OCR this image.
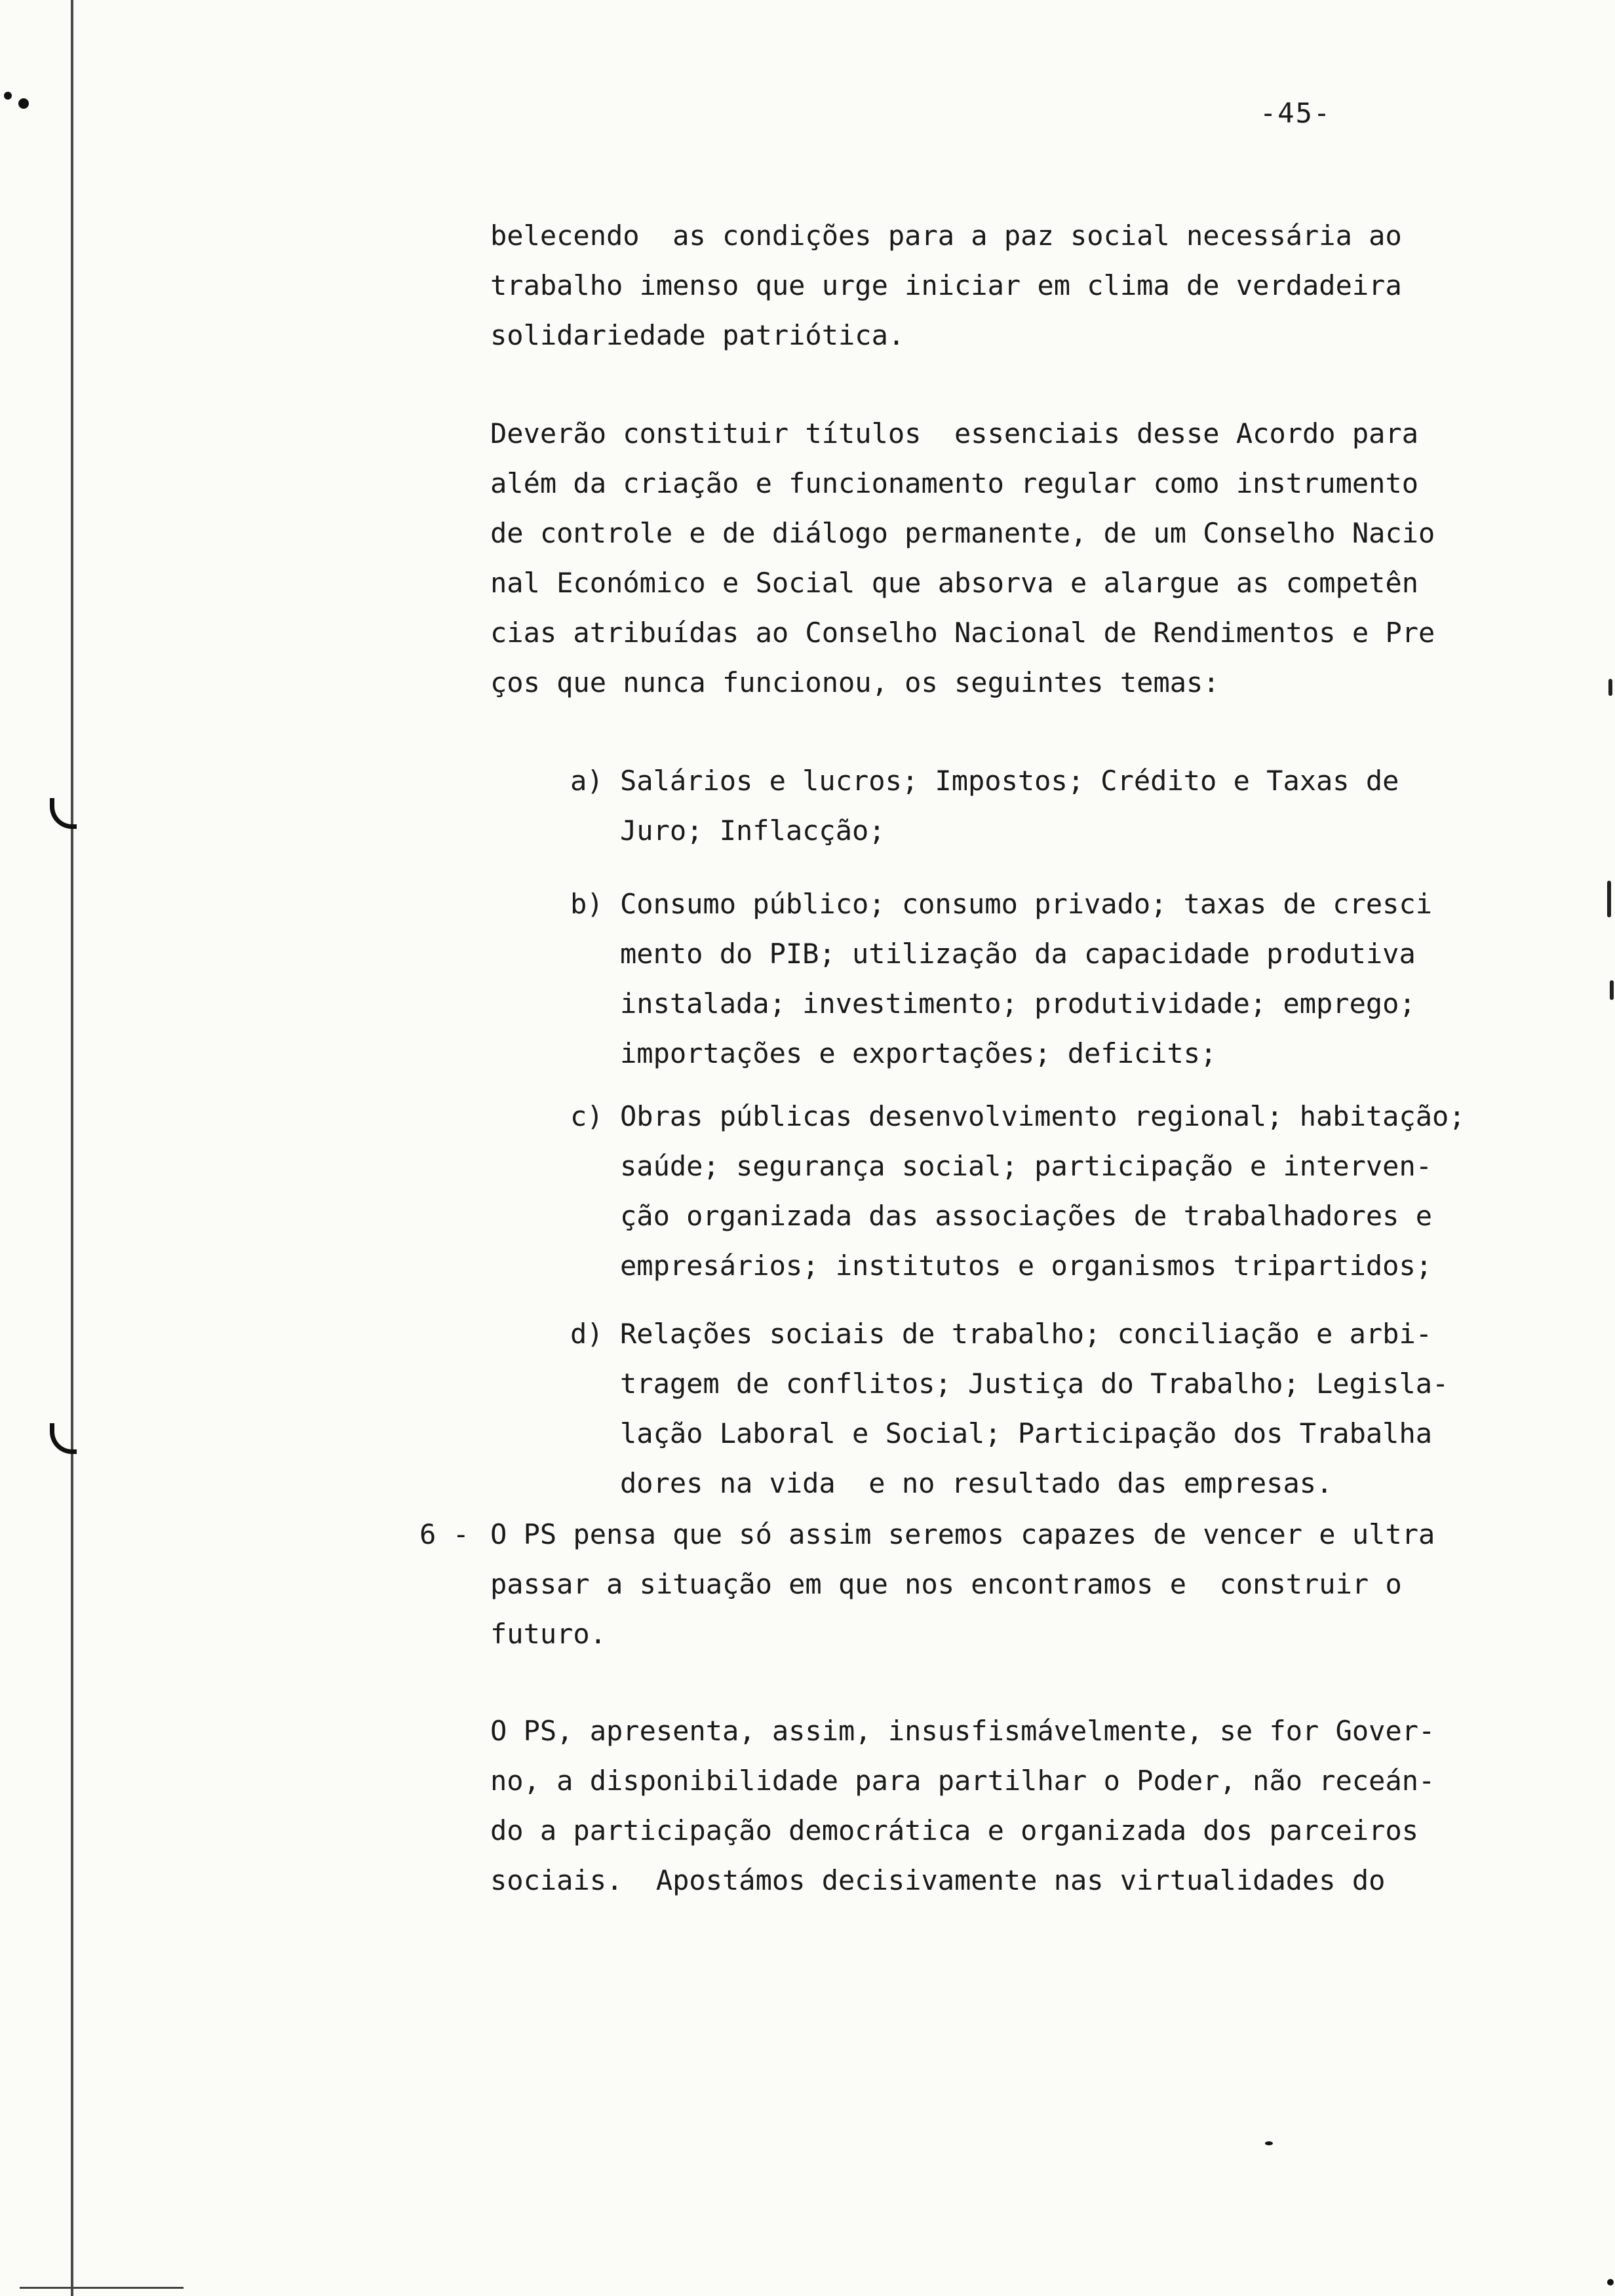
-45-
belecendo  as condições para a paz social necessária ao
trabalho imenso que urge iniciar em clima de verdadeira
solidariedade patriótica.
Deverão constituir títulos  essenciais desse Acordo para
além da criação e funcionamento regular como instrumento
de controle e de diálogo permanente, de um Conselho Nacio
nal Económico e Social que absorva e alargue as competên
cias atribuídas ao Conselho Nacional de Rendimentos e Pre
ços que nunca funcionou, os seguintes temas:
a) Salários e lucros; Impostos; Crédito e Taxas de
Juro; Inflacção;
b) Consumo público; consumo privado; taxas de cresci
mento do PIB; utilização da capacidade produtiva
instalada; investimento; produtividade; emprego;
importações e exportações; deficits;
c) Obras públicas desenvolvimento regional; habitação;
saúde; segurança social; participação e interven-
ção organizada das associações de trabalhadores e
empresários; institutos e organismos tripartidos;
d) Relações sociais de trabalho; conciliação e arbi-
tragem de conflitos; Justiça do Trabalho; Legisla-
lação Laboral e Social; Participação dos Trabalha
dores na vida  e no resultado das empresas.
6 - O PS pensa que só assim seremos capazes de vencer e ultra
passar a situação em que nos encontramos e  construir o
futuro.
O PS, apresenta, assim, insusfismávelmente, se for Gover-
no, a disponibilidade para partilhar o Poder, não receán-
do a participação democrática e organizada dos parceiros
sociais.  Apostámos decisivamente nas virtualidades do
